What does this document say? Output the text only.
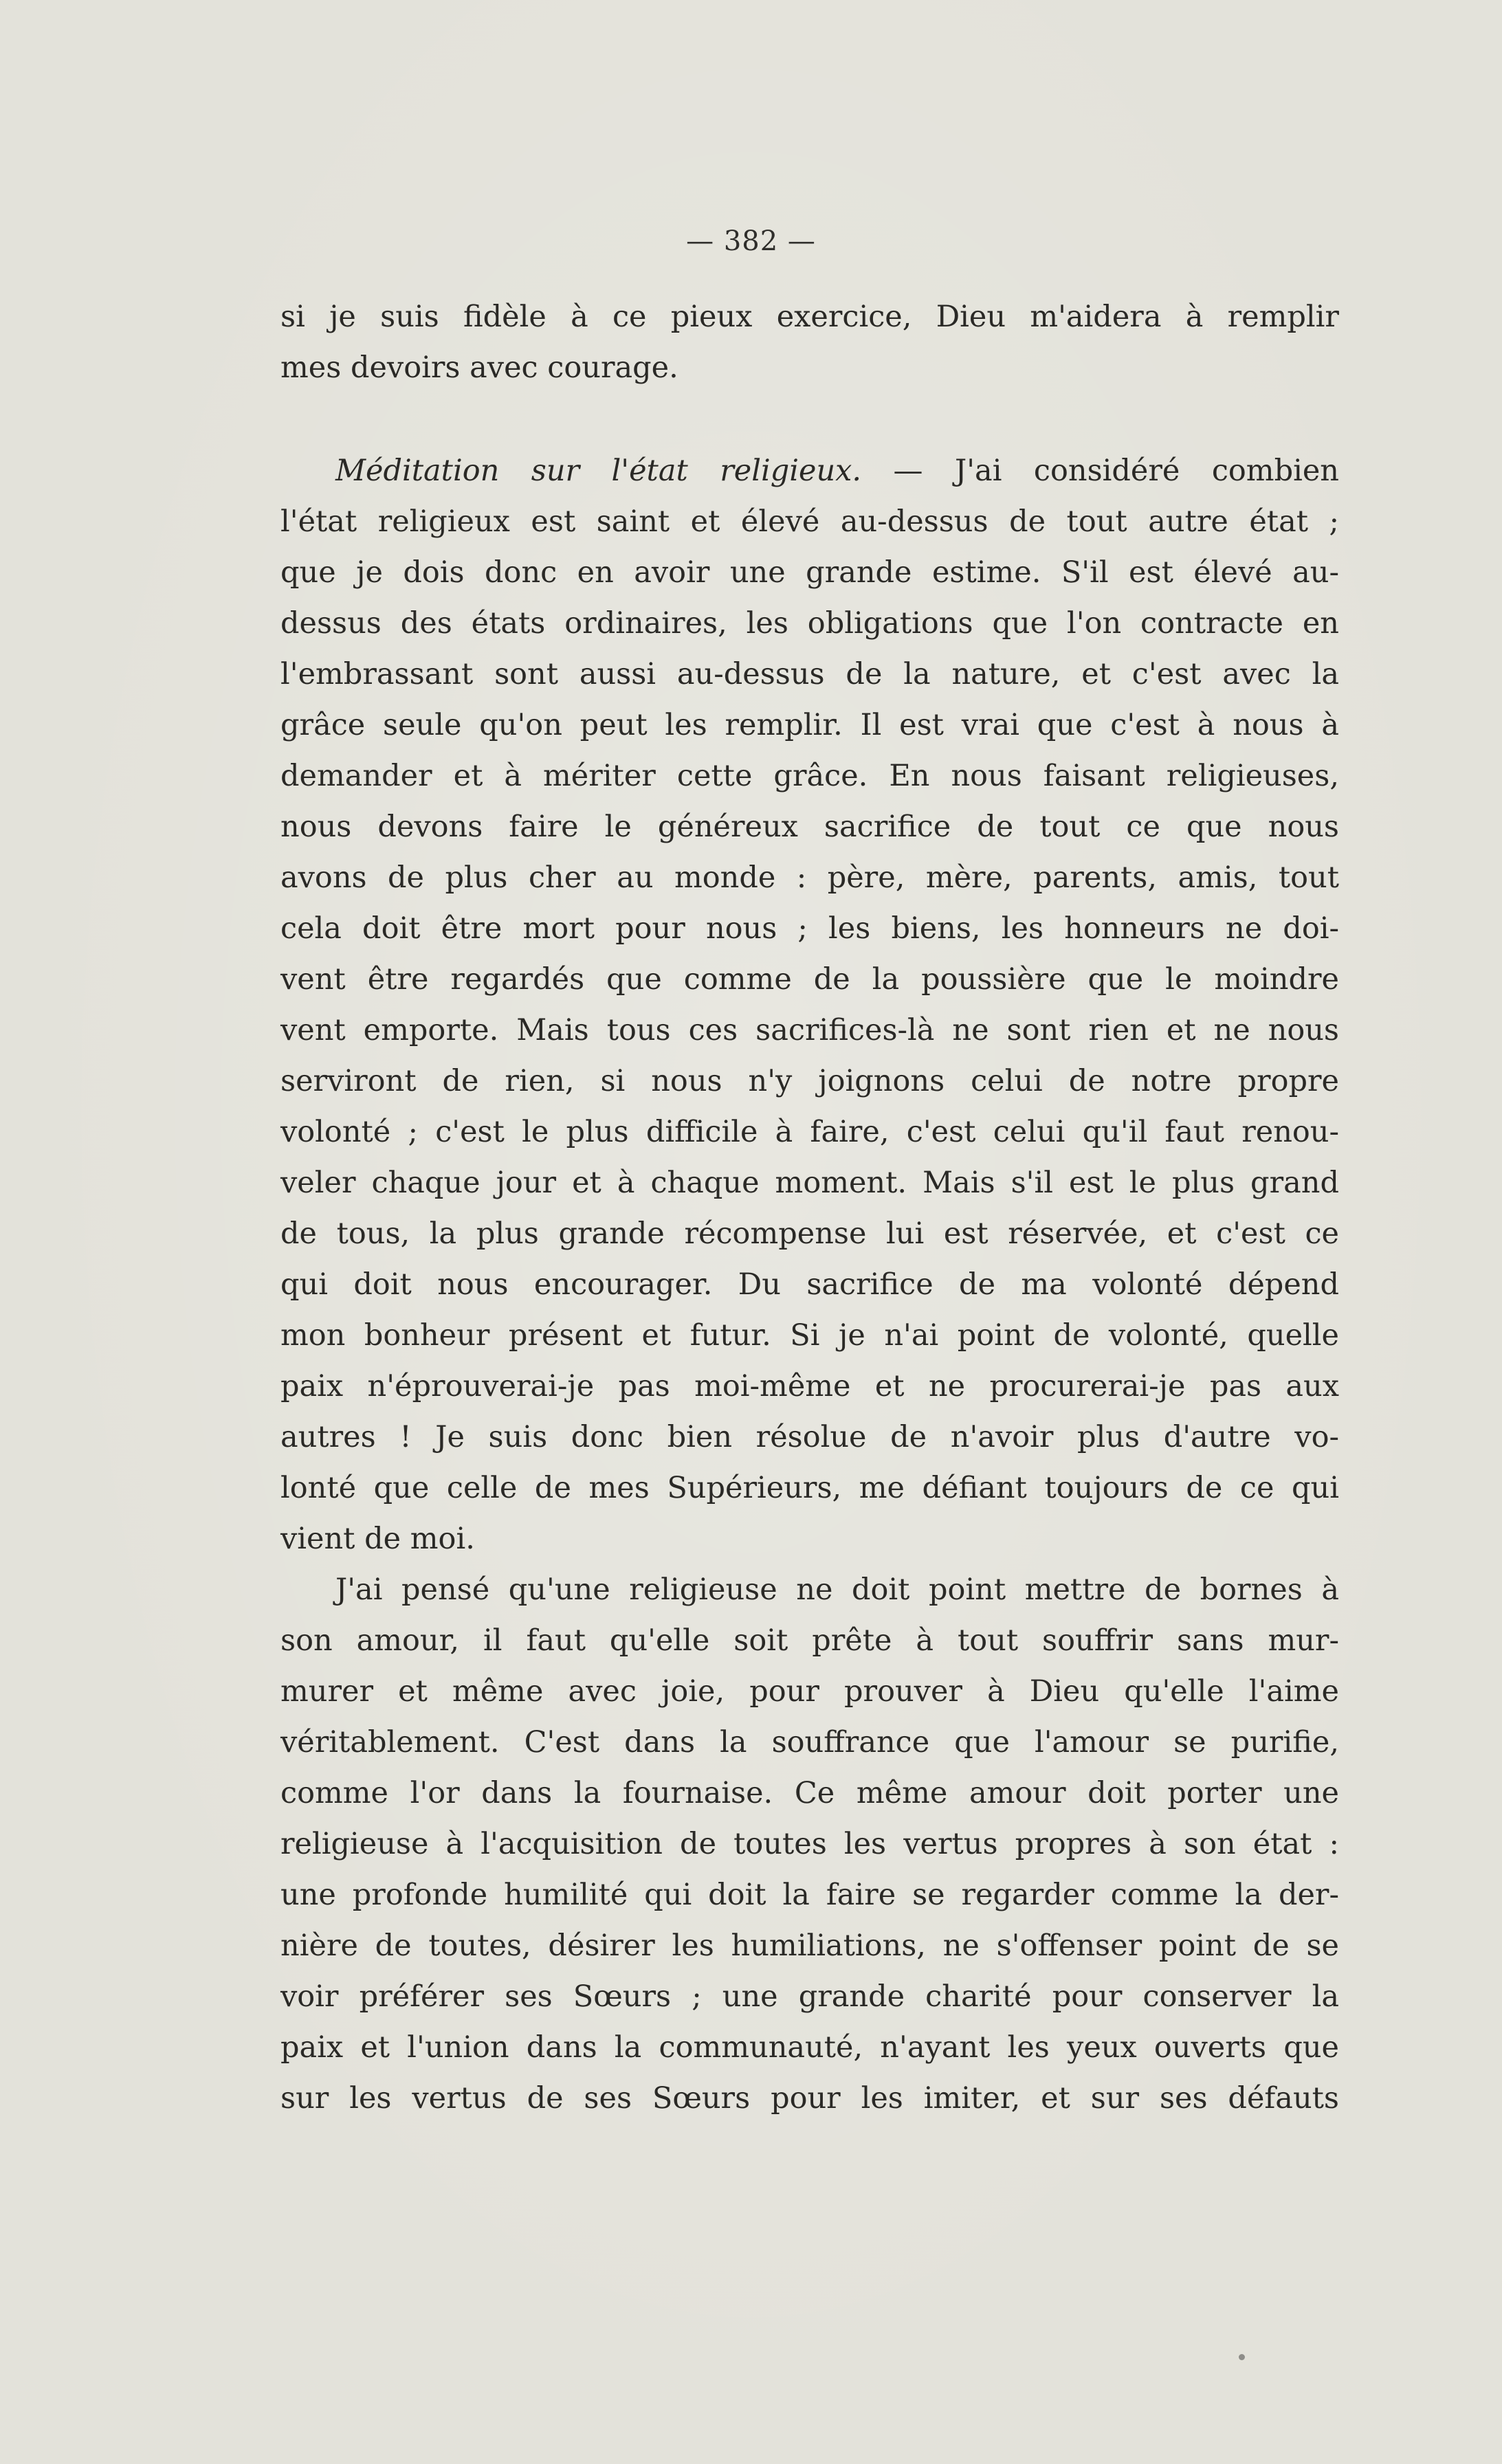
— 382 —
si je suis fidèle à ce pieux exercice, Dieu m'aidera à remplir
mes devoirs avec courage.
Méditation sur l'état religieux. — J'ai considéré combien
l'état religieux est saint et élevé au-dessus de tout autre état ;
que je dois donc en avoir une grande estime. S'il est élevé au-
dessus des états ordinaires, les obligations que l'on contracte en
l'embrassant sont aussi au-dessus de la nature, et c'est avec la
grâce seule qu'on peut les remplir. Il est vrai que c'est à nous à
demander et à mériter cette grâce. En nous faisant religieuses,
nous devons faire le généreux sacrifice de tout ce que nous
avons de plus cher au monde : père, mère, parents, amis, tout
cela doit être mort pour nous ; les biens, les honneurs ne doi-
vent être regardés que comme de la poussière que le moindre
vent emporte. Mais tous ces sacrifices-là ne sont rien et ne nous
serviront de rien, si nous n'y joignons celui de notre propre
volonté ; c'est le plus difficile à faire, c'est celui qu'il faut renou-
veler chaque jour et à chaque moment. Mais s'il est le plus grand
de tous, la plus grande récompense lui est réservée, et c'est ce
qui doit nous encourager. Du sacrifice de ma volonté dépend
mon bonheur présent et futur. Si je n'ai point de volonté, quelle
paix n'éprouverai-je pas moi-même et ne procurerai-je pas aux
autres ! Je suis donc bien résolue de n'avoir plus d'autre vo-
lonté que celle de mes Supérieurs, me défiant toujours de ce qui
vient de moi.
J'ai pensé qu'une religieuse ne doit point mettre de bornes à
son amour, il faut qu'elle soit prête à tout souffrir sans mur-
murer et même avec joie, pour prouver à Dieu qu'elle l'aime
véritablement. C'est dans la souffrance que l'amour se purifie,
comme l'or dans la fournaise. Ce même amour doit porter une
religieuse à l'acquisition de toutes les vertus propres à son état :
une profonde humilité qui doit la faire se regarder comme la der-
nière de toutes, désirer les humiliations, ne s'offenser point de se
voir préférer ses Sœurs ; une grande charité pour conserver la
paix et l'union dans la communauté, n'ayant les yeux ouverts que
sur les vertus de ses Sœurs pour les imiter, et sur ses défauts
